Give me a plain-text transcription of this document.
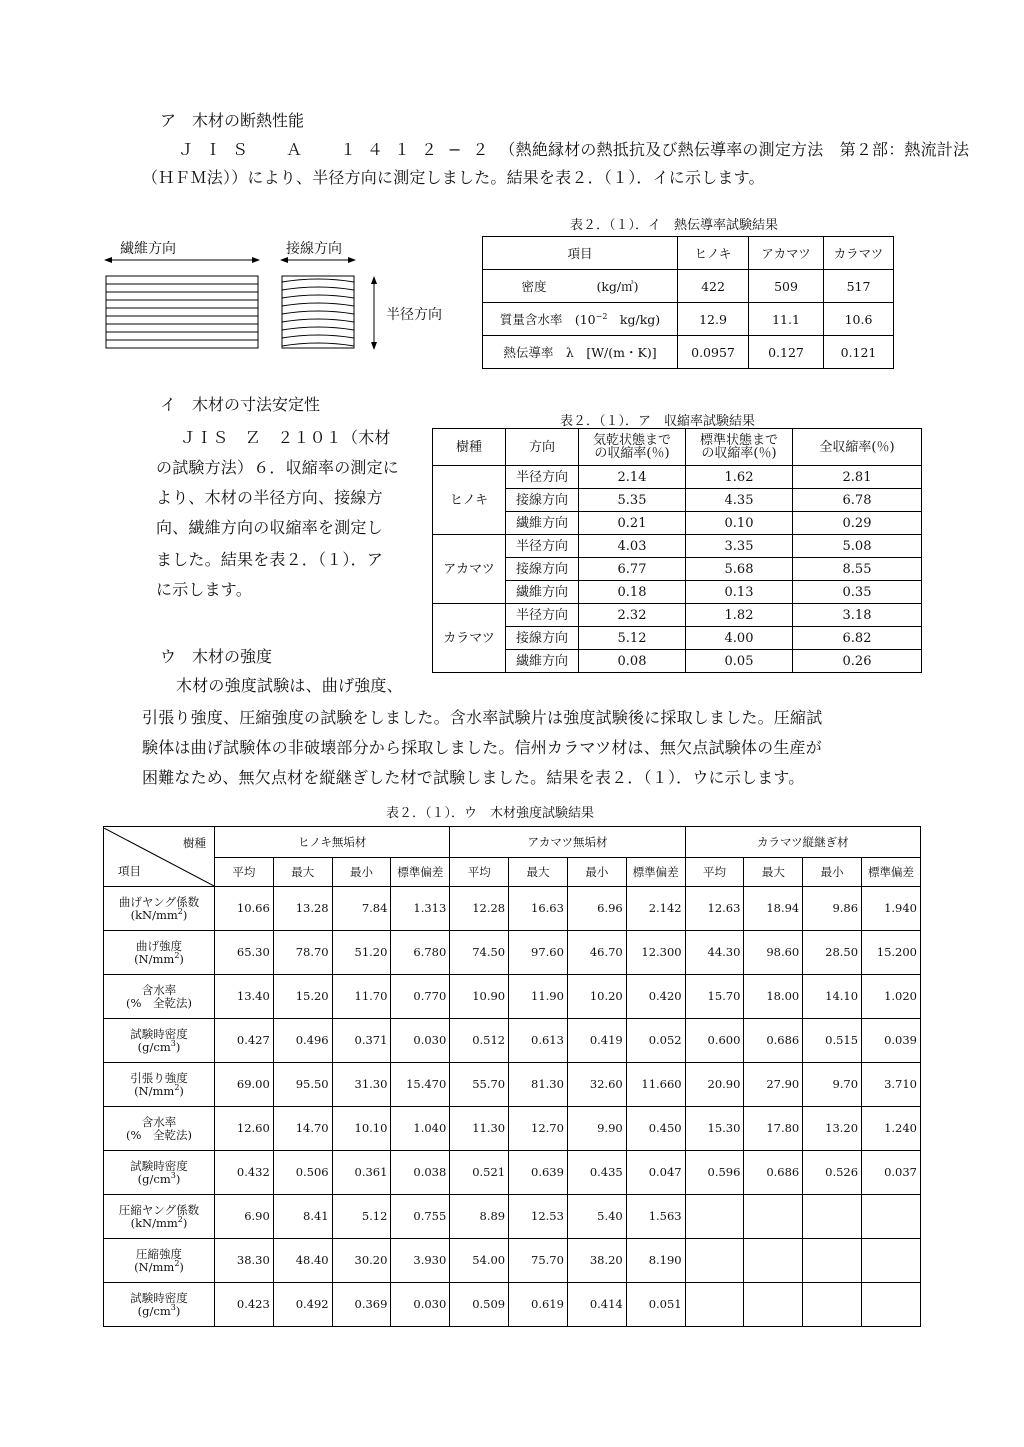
ア　木材の断熱性能
ＪＩＳ　Ａ　１４１２−２（熱絶縁材の熱抵抗及び熱伝導率の測定方法　第２部：熱流計法
（ＨＦＭ法））により、半径方向に測定しました。結果を表２．（１）．イに示します。
繊維方向	接線方向
半径方向
表２．（１）．イ　熱伝導率試験結果
項目	ヒノキ	アカマツ	カラマツ
密度　　　　(kg/㎥)	422	509	517
質量含水率　($10^{-2}$　kg/kg)	12.9	11.1	10.6
熱伝導率　λ　[W/(m・K)]	0.0957	0.127	0.121
イ　木材の寸法安定性
ＪＩＳ　Ｚ　２１０１（木材
の試験方法）６．収縮率の測定に
より、木材の半径方向、接線方
向、繊維方向の収縮率を測定し
ました。結果を表２．（１）．ア
に示します。
表２．（１）．ア　収縮率試験結果
樹種	方向	気乾状態まで
の収縮率(％)	標準状態まで
の収縮率(％)	全収縮率(％)
ヒノキ	半径方向	2.14	1.62	2.81
	接線方向	5.35	4.35	6.78
	繊維方向	0.21	0.10	0.29
アカマツ	半径方向	4.03	3.35	5.08
	接線方向	6.77	5.68	8.55
	繊維方向	0.18	0.13	0.35
カラマツ	半径方向	2.32	1.82	3.18
	接線方向	5.12	4.00	6.82
	繊維方向	0.08	0.05	0.26
ウ　木材の強度
木材の強度試験は、曲げ強度、
引張り強度、圧縮強度の試験をしました。含水率試験片は強度試験後に採取しました。圧縮試
験体は曲げ試験体の非破壊部分から採取しました。信州カラマツ材は、無欠点試験体の生産が
困難なため、無欠点材を縦継ぎした材で試験しました。結果を表２．（１）．ウに示します。
表２．（１）．ウ　木材強度試験結果
樹種
項目	ヒノキ無垢材				アカマツ無垢材				カラマツ縦継ぎ材			
	平均	最大	最小	標準偏差	平均	最大	最小	標準偏差	平均	最大	最小	標準偏差

曲げヤング係数
$(kN/mm^2)$	10.66	13.28	7.84	1.313	12.28	16.63	6.96	2.142	12.63	18.94	9.86	1.940

曲げ強度
$(N/mm^2)$	65.30	78.70	51.20	6.780	74.50	97.60	46.70	12.300	44.30	98.60	28.50	15.200

含水率
(%　全乾法)	13.40	15.20	11.70	0.770	10.90	11.90	10.20	0.420	15.70	18.00	14.10	1.020

試験時密度
$(g/cm^3)$	0.427	0.496	0.371	0.030	0.512	0.613	0.419	0.052	0.600	0.686	0.515	0.039

引張り強度
$(N/mm^2)$	69.00	95.50	31.30	15.470	55.70	81.30	32.60	11.660	20.90	27.90	9.70	3.710

含水率
(%　全乾法)	12.60	14.70	10.10	1.040	11.30	12.70	9.90	0.450	15.30	17.80	13.20	1.240

試験時密度
$(g/cm^3)$	0.432	0.506	0.361	0.038	0.521	0.639	0.435	0.047	0.596	0.686	0.526	0.037

圧縮ヤング係数
$(kN/mm^2)$	6.90	8.41	5.12	0.755	8.89	12.53	5.40	1.563				

圧縮強度
$(N/mm^2)$	38.30	48.40	30.20	3.930	54.00	75.70	38.20	8.190				

試験時密度
$(g/cm^3)$	0.423	0.492	0.369	0.030	0.509	0.619	0.414	0.051				
